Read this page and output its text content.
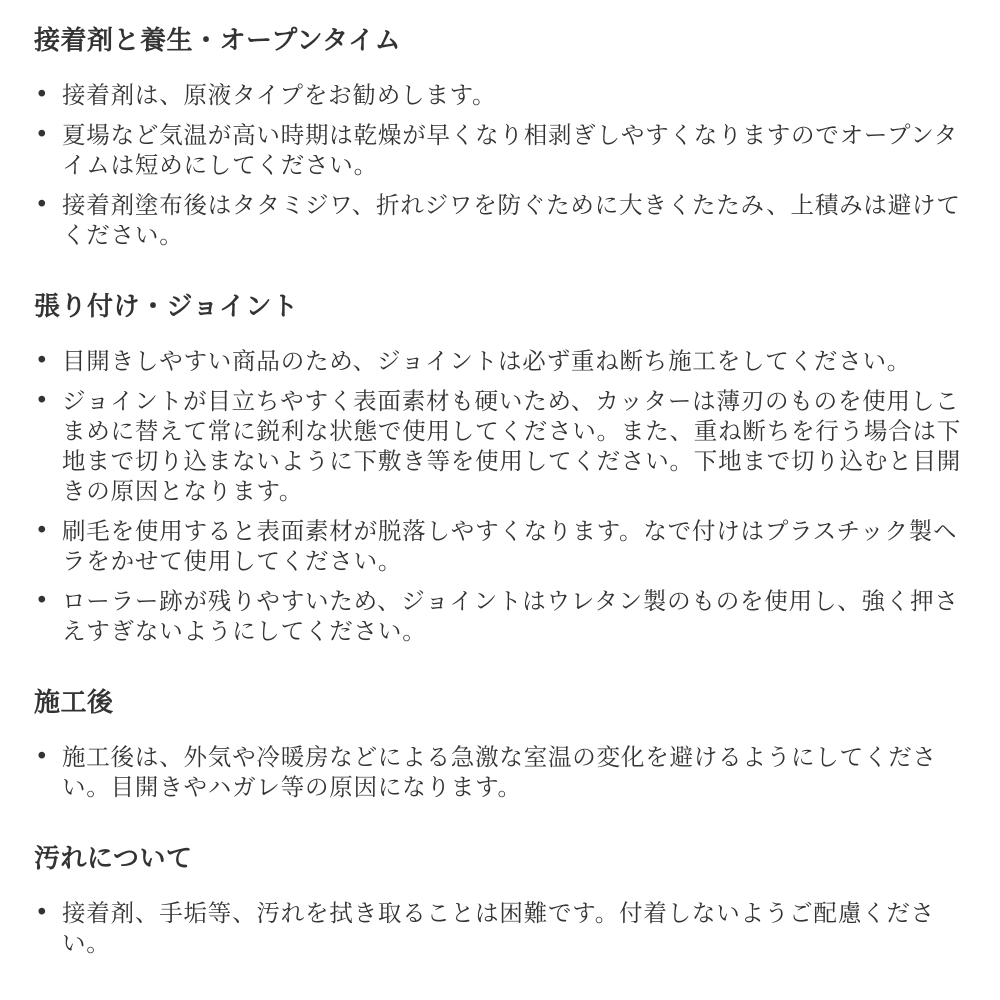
接着剤と養生・オープンタイム
• 接着剤は、原液タイプをお勧めします。
• 夏場など気温が高い時期は乾燥が早くなり相剥ぎしやすくなりますのでオープンタイムは短めにしてください。
• 接着剤塗布後はタタミジワ、折れジワを防ぐために大きくたたみ、上積みは避けてください。
張り付け・ジョイント
• 目開きしやすい商品のため、ジョイントは必ず重ね断ち施工をしてください。
• ジョイントが目立ちやすく表面素材も硬いため、カッターは薄刃のものを使用しこまめに替えて常に鋭利な状態で使用してください。また、重ね断ちを行う場合は下地まで切り込まないように下敷き等を使用してください。下地まで切り込むと目開きの原因となります。
• 刷毛を使用すると表面素材が脱落しやすくなります。なで付けはプラスチック製ヘラをかせて使用してください。
• ローラー跡が残りやすいため、ジョイントはウレタン製のものを使用し、強く押さえすぎないようにしてください。
施工後
• 施工後は、外気や冷暖房などによる急激な室温の変化を避けるようにしてください。目開きやハガレ等の原因になります。
汚れについて
• 接着剤、手垢等、汚れを拭き取ることは困難です。付着しないようご配慮ください。
